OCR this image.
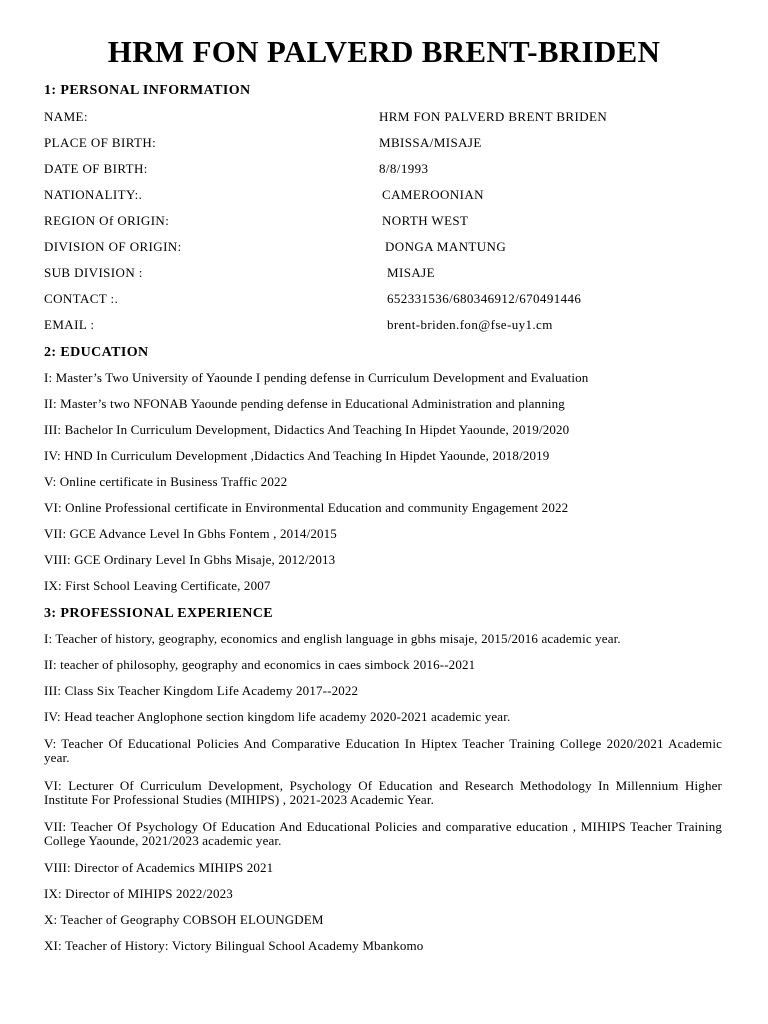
HRM FON PALVERD BRENT-BRIDEN
1: PERSONAL INFORMATION
NAME:	HRM FON PALVERD BRENT BRIDEN
PLACE OF BIRTH:	MBISSA/MISAJE
DATE OF BIRTH:	8/8/1993
NATIONALITY:.	CAMEROONIAN
REGION Of ORIGIN:	NORTH WEST
DIVISION OF ORIGIN:	DONGA MANTUNG
SUB DIVISION :	MISAJE
CONTACT :.	652331536/680346912/670491446
EMAIL :	brent-briden.fon@fse-uy1.cm
2: EDUCATION

I: Master’s Two University of Yaounde I pending defense in Curriculum Development and Evaluation

II: Master’s two NFONAB Yaounde pending defense in Educational Administration and planning

III: Bachelor In Curriculum Development, Didactics And Teaching In Hipdet Yaounde, 2019/2020

IV: HND In Curriculum Development ,Didactics And Teaching In Hipdet Yaounde, 2018/2019

V: Online certificate in Business Traffic 2022

VI: Online Professional certificate in Environmental Education and community Engagement 2022

VII: GCE Advance Level In Gbhs Fontem , 2014/2015

VIII: GCE Ordinary Level In Gbhs Misaje, 2012/2013

IX: First School Leaving Certificate, 2007

3: PROFESSIONAL EXPERIENCE

I: Teacher of history, geography, economics and english language in gbhs misaje, 2015/2016 academic year.

II: teacher of philosophy, geography and economics in caes simbock 2016--2021

III: Class Six Teacher Kingdom Life Academy 2017--2022

IV: Head teacher Anglophone section kingdom life academy 2020-2021 academic year.

V: Teacher Of Educational Policies And Comparative Education In Hiptex Teacher Training College 2020/2021 Academic year.

VI: Lecturer Of Curriculum Development, Psychology Of Education and Research Methodology In Millennium Higher Institute For Professional Studies (MIHIPS) , 2021-2023 Academic Year.

VII: Teacher Of Psychology Of Education And Educational Policies and comparative education , MIHIPS Teacher Training College Yaounde, 2021/2023 academic year.

VIII: Director of Academics MIHIPS 2021

IX: Director of MIHIPS 2022/2023

X: Teacher of Geography COBSOH ELOUNGDEM

XI: Teacher of History: Victory Bilingual School Academy Mbankomo
